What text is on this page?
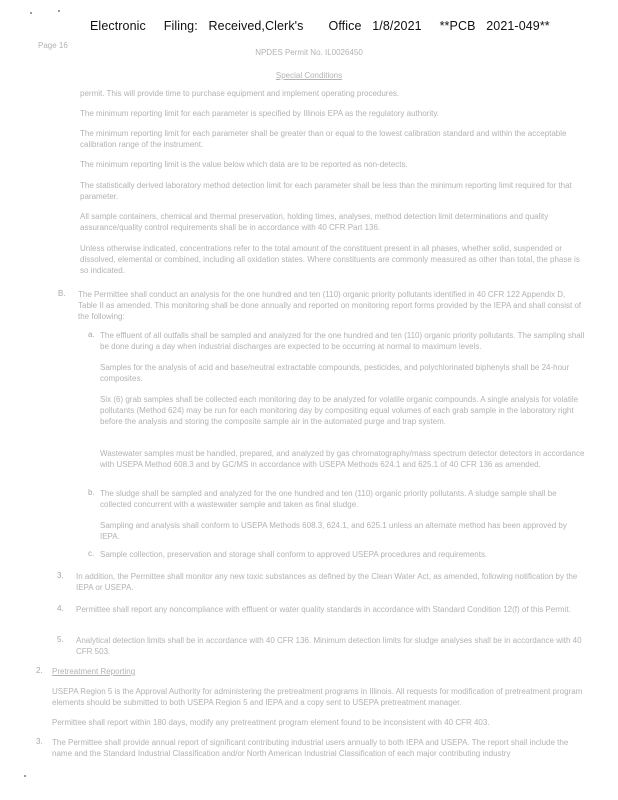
Electronic     Filing:   Received,Clerk's       Office   1/8/2021     **PCB   2021-049**
Page 16
NPDES Permit No. IL0026450
Special Conditions
permit. This will provide time to purchase equipment and implement operating procedures.
The minimum reporting limit for each parameter is specified by Illinois EPA as the regulatory authority.
The minimum reporting limit for each parameter shall be greater than or equal to the lowest calibration standard and within the acceptable calibration range of the instrument.
The minimum reporting limit is the value below which data are to be reported as non-detects.
The statistically derived laboratory method detection limit for each parameter shall be less than the minimum reporting limit required for that parameter.
All sample containers, chemical and thermal preservation, holding times, analyses, method detection limit determinations and quality assurance/quality control requirements shall be in accordance with 40 CFR Part 136.
Unless otherwise indicated, concentrations refer to the total amount of the constituent present in all phases, whether solid, suspended or dissolved, elemental or combined, including all oxidation states. Where constituents are commonly measured as other than total, the phase is so indicated.
B. The Permittee shall conduct an analysis for the one hundred and ten (110) organic priority pollutants identified in 40 CFR 122 Appendix D, Table II as amended. This monitoring shall be done annually and reported on monitoring report forms provided by the IEPA and shall consist of the following:
a. The effluent of all outfalls shall be sampled and analyzed for the one hundred and ten (110) organic priority pollutants. The sampling shall be done during a day when industrial discharges are expected to be occurring at normal to maximum levels.
Samples for the analysis of acid and base/neutral extractable compounds, pesticides, and polychlorinated biphenyls shall be 24-hour composites.
Six (6) grab samples shall be collected each monitoring day to be analyzed for volatile organic compounds. A single analysis for volatile pollutants (Method 624) may be run for each monitoring day by compositing equal volumes of each grab sample in the laboratory right before the analysis and storing the composite sample air in the automated purge and trap system.
Wastewater samples must be handled, prepared, and analyzed by gas chromatography/mass spectrum detector detectors in accordance with USEPA Method 608.3 and by GC/MS in accordance with USEPA Methods 624.1 and 625.1 of 40 CFR 136 as amended.
b. The sludge shall be sampled and analyzed for the one hundred and ten (110) organic priority pollutants. A sludge sample shall be collected concurrent with a wastewater sample and taken as final sludge.
Sampling and analysis shall conform to USEPA Methods 608.3, 624.1, and 625.1 unless an alternate method has been approved by IEPA.
c. Sample collection, preservation and storage shall conform to approved USEPA procedures and requirements.
3. In addition, the Permittee shall monitor any new toxic substances as defined by the Clean Water Act, as amended, following notification by the IEPA or USEPA.
4. Permittee shall report any noncompliance with effluent or water quality standards in accordance with Standard Condition 12(f) of this Permit.
5. Analytical detection limits shall be in accordance with 40 CFR 136. Minimum detection limits for sludge analyses shall be in accordance with 40 CFR 503.
2. Pretreatment Reporting
USEPA Region 5 is the Approval Authority for administering the pretreatment programs in Illinois. All requests for modification of pretreatment program elements should be submitted to both USEPA Region 5 and IEPA and a copy sent to USEPA pretreatment manager.
Permittee shall report within 180 days, modify any pretreatment program element found to be inconsistent with 40 CFR 403.
3. The Permittee shall provide annual report of significant contributing industrial users annually to both IEPA and USEPA. The report shall include the name and the Standard Industrial Classification and/or North American Industrial Classification of each major contributing industry
